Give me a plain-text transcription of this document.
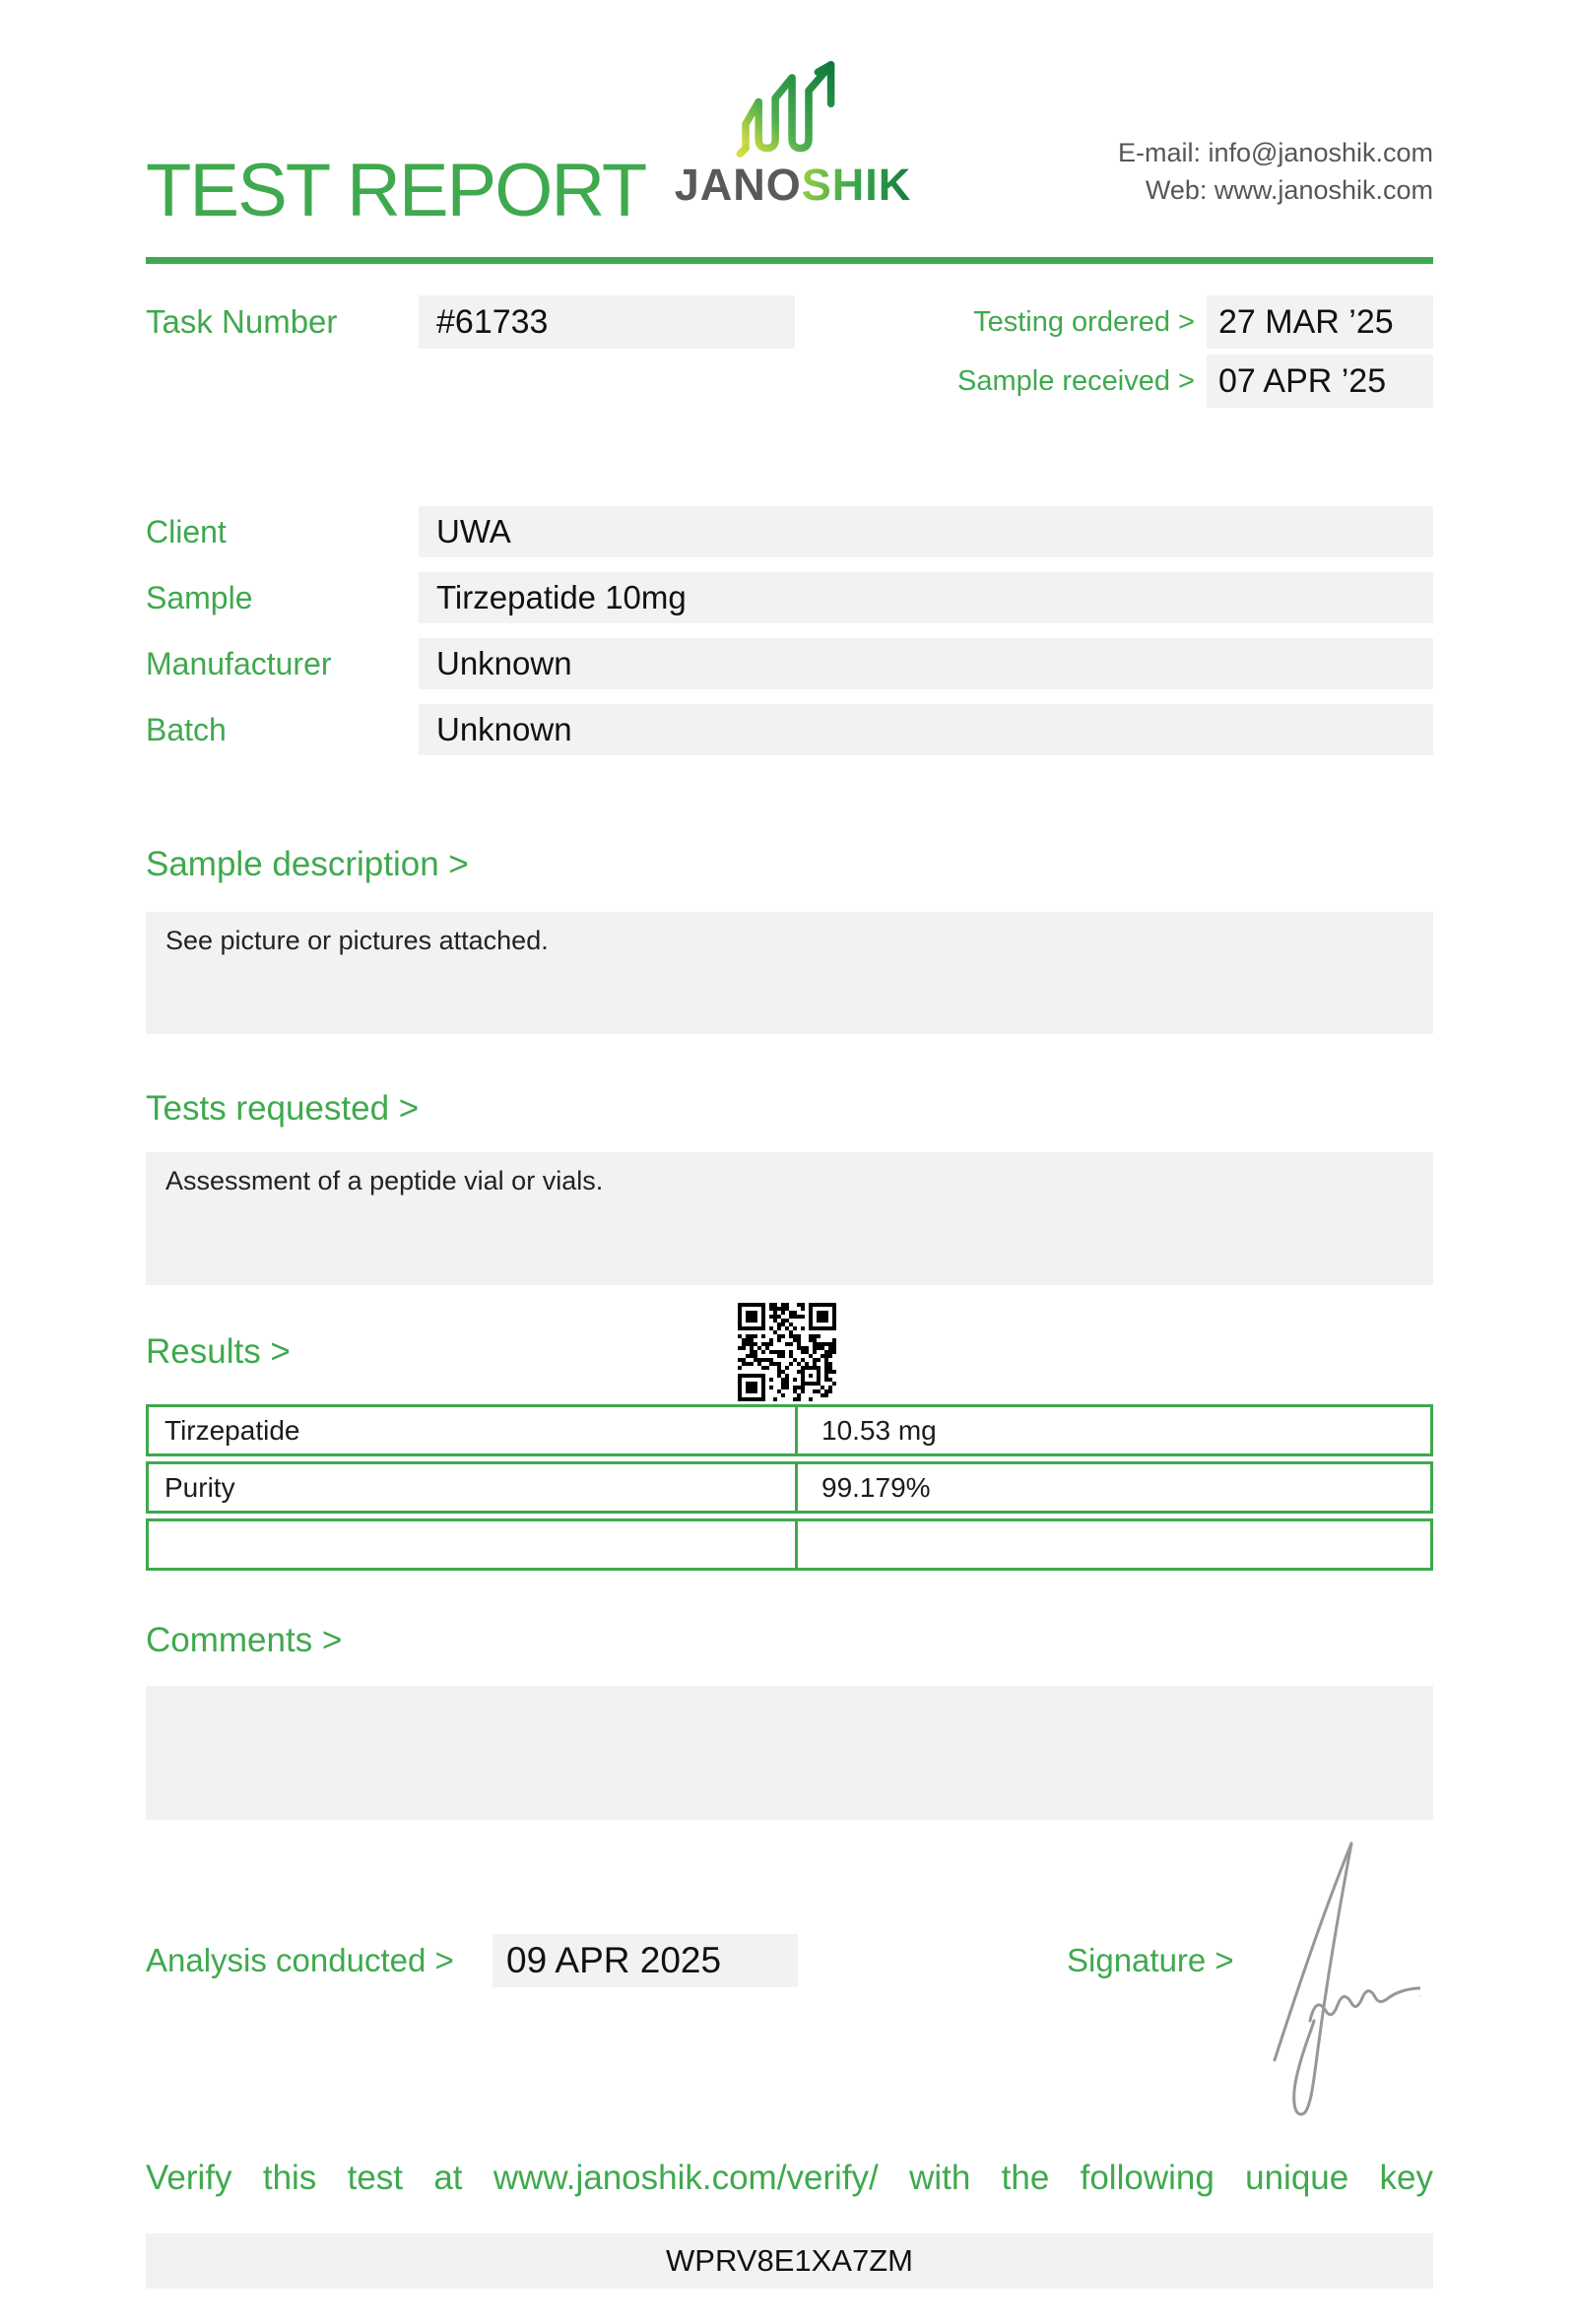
TEST REPORT JANOSHIK
E-mail: info@janoshik.com
Web: www.janoshik.com
Task Number	#61733	Testing ordered > 27 MAR ’25
Sample received > 07 APR ’25
Client	UWA
Sample	Tirzepatide 10mg
Manufacturer	Unknown
Batch	Unknown
Sample description >
See picture or pictures attached.
Tests requested >
Assessment of a peptide vial or vials.
Results >
Tirzepatide	10.53 mg
Purity	99.179%
Comments >
Analysis conducted >	09 APR 2025	Signature >
Verify this test at www.janoshik.com/verify/ with the following unique key
WPRV8E1XA7ZM
